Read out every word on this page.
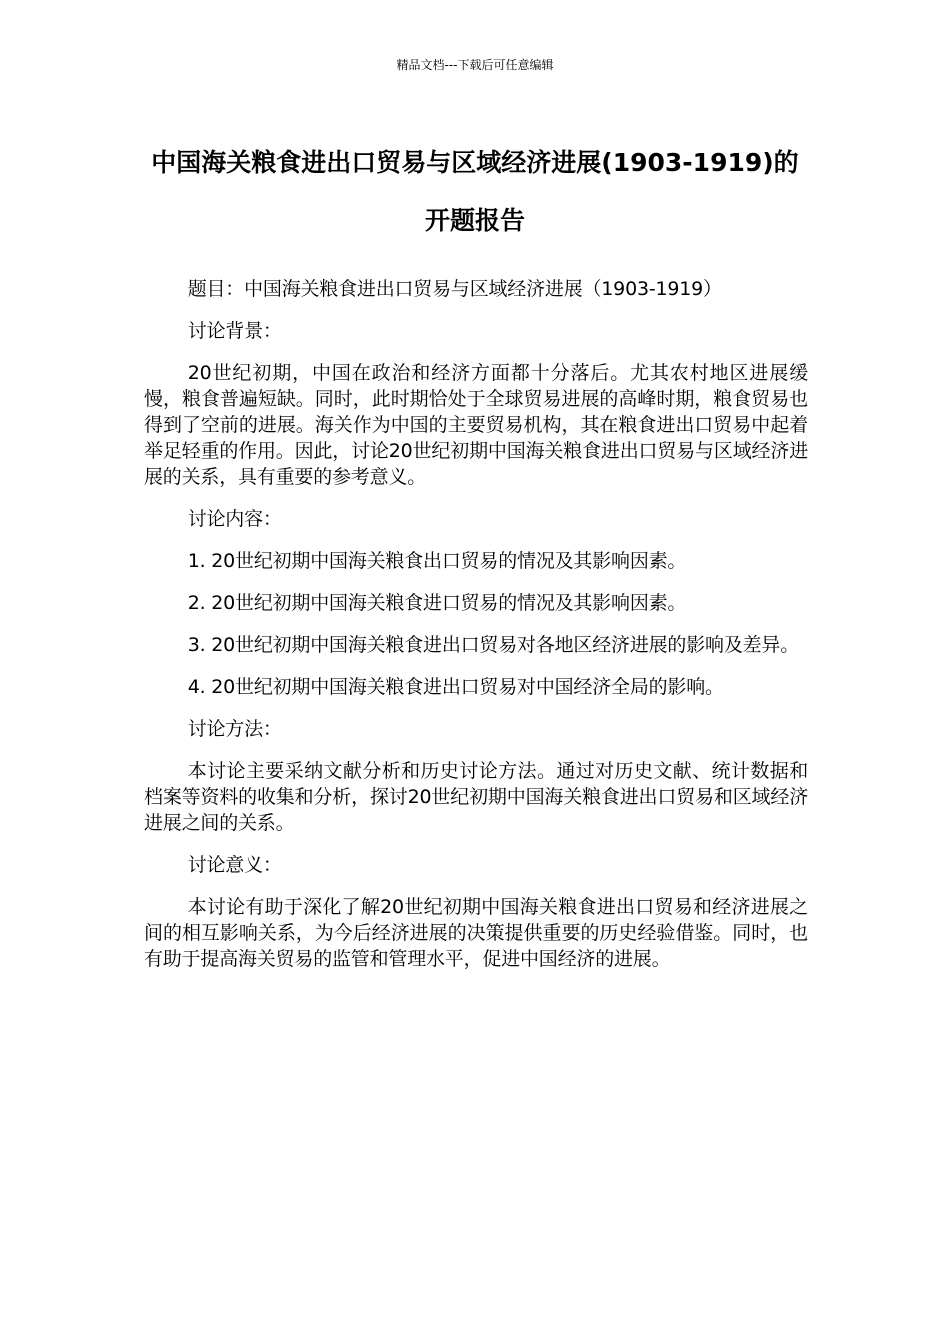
精品文档---下载后可任意编辑
中国海关粮食进出口贸易与区域经济进展(1903-1919)的开题报告

题目：中国海关粮食进出口贸易与区域经济进展（1903-1919）

讨论背景：

20世纪初期，中国在政治和经济方面都十分落后。尤其农村地区进展缓慢，粮食普遍短缺。同时，此时期恰处于全球贸易进展的高峰时期，粮食贸易也得到了空前的进展。海关作为中国的主要贸易机构，其在粮食进出口贸易中起着举足轻重的作用。因此，讨论20世纪初期中国海关粮食进出口贸易与区域经济进展的关系，具有重要的参考意义。

讨论内容：

1. 20世纪初期中国海关粮食出口贸易的情况及其影响因素。

2. 20世纪初期中国海关粮食进口贸易的情况及其影响因素。

3. 20世纪初期中国海关粮食进出口贸易对各地区经济进展的影响及差异。

4. 20世纪初期中国海关粮食进出口贸易对中国经济全局的影响。

讨论方法：

本讨论主要采纳文献分析和历史讨论方法。通过对历史文献、统计数据和档案等资料的收集和分析，探讨20世纪初期中国海关粮食进出口贸易和区域经济进展之间的关系。

讨论意义：

本讨论有助于深化了解20世纪初期中国海关粮食进出口贸易和经济进展之间的相互影响关系，为今后经济进展的决策提供重要的历史经验借鉴。同时，也有助于提高海关贸易的监管和管理水平，促进中国经济的进展。
